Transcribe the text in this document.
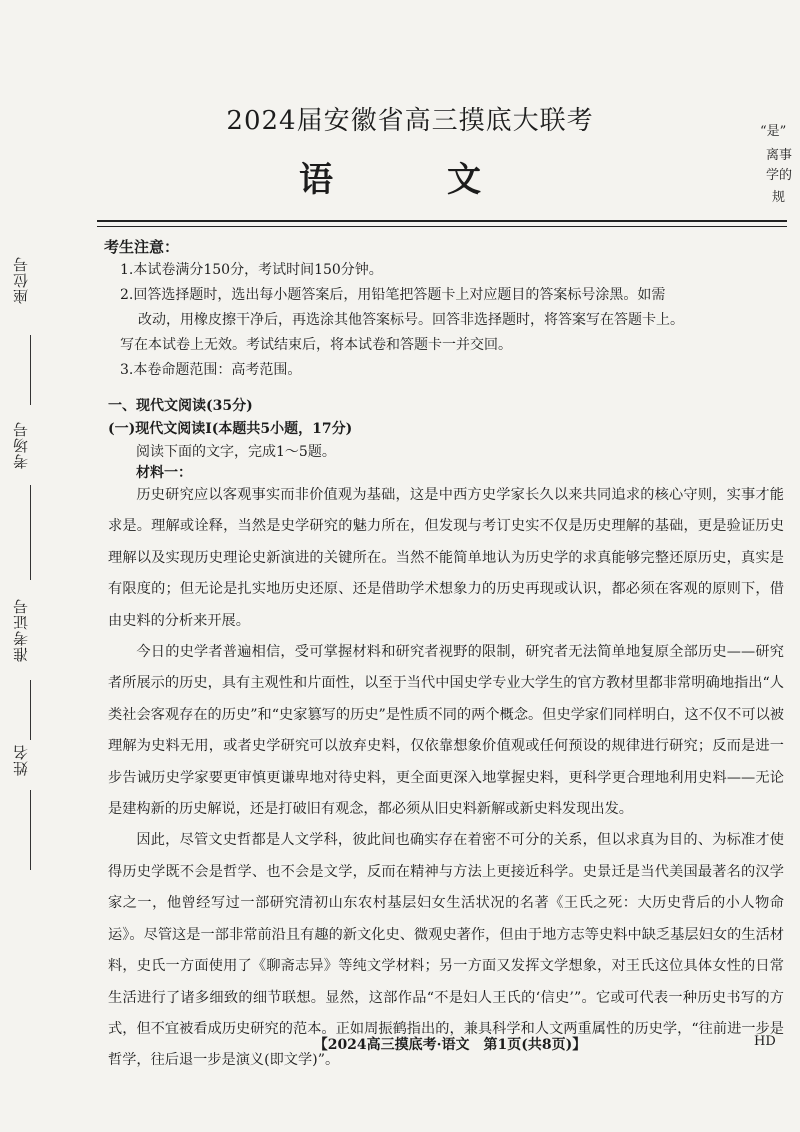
座位号
考场号
准考证号
姓名
“是”
离事
学的
规
2024届安徽省高三摸底大联考
语　文
考生注意：
1.本试卷满分150分，考试时间150分钟。
2.回答选择题时，选出每小题答案后，用铅笔把答题卡上对应题目的答案标号涂黑。如需
改动，用橡皮擦干净后，再选涂其他答案标号。回答非选择题时，将答案写在答题卡上。
写在本试卷上无效。考试结束后，将本试卷和答题卡一并交回。
3.本卷命题范围：高考范围。
一、现代文阅读(35分)
(一)现代文阅读Ⅰ(本题共5小题，17分)
阅读下面的文字，完成1～5题。
材料一：

历史研究应以客观事实而非价值观为基础，这是中西方史学家长久以来共同追求的核心守则，实事才能求是。理解或诠释，当然是史学研究的魅力所在，但发现与考订史实不仅是历史理解的基础，更是验证历史理解以及实现历史理论史新演进的关键所在。当然不能简单地认为历史学的求真能够完整还原历史，真实是有限度的；但无论是扎实地历史还原、还是借助学术想象力的历史再现或认识，都必须在客观的原则下，借由史料的分析来开展。

今日的史学者普遍相信，受可掌握材料和研究者视野的限制，研究者无法简单地复原全部历史——研究者所展示的历史，具有主观性和片面性，以至于当代中国史学专业大学生的官方教材里都非常明确地指出“人类社会客观存在的历史”和“史家篡写的历史”是性质不同的两个概念。但史学家们同样明白，这不仅不可以被理解为史料无用，或者史学研究可以放弃史料，仅依靠想象价值观或任何预设的规律进行研究；反而是进一步告诫历史学家要更审慎更谦卑地对待史料，更全面更深入地掌握史料，更科学更合理地利用史料——无论是建构新的历史解说，还是打破旧有观念，都必须从旧史料新解或新史料发现出发。

因此，尽管文史哲都是人文学科，彼此间也确实存在着密不可分的关系，但以求真为目的、为标准才使得历史学既不会是哲学、也不会是文学，反而在精神与方法上更接近科学。史景迁是当代美国最著名的汉学家之一，他曾经写过一部研究清初山东农村基层妇女生活状况的名著《王氏之死：大历史背后的小人物命运》。尽管这是一部非常前沿且有趣的新文化史、微观史著作，但由于地方志等史料中缺乏基层妇女的生活材料，史氏一方面使用了《聊斋志异》等纯文学材料；另一方面又发挥文学想象，对王氏这位具体女性的日常生活进行了诸多细致的细节联想。显然，这部作品“不是妇人王氏的‘信史’”。它或可代表一种历史书写的方式，但不宜被看成历史研究的范本。正如周振鹤指出的，兼具科学和人文两重属性的历史学，“往前进一步是哲学，往后退一步是演义(即文学)”。

【2024高三摸底考·语文　第1页(共8页)】	HD
